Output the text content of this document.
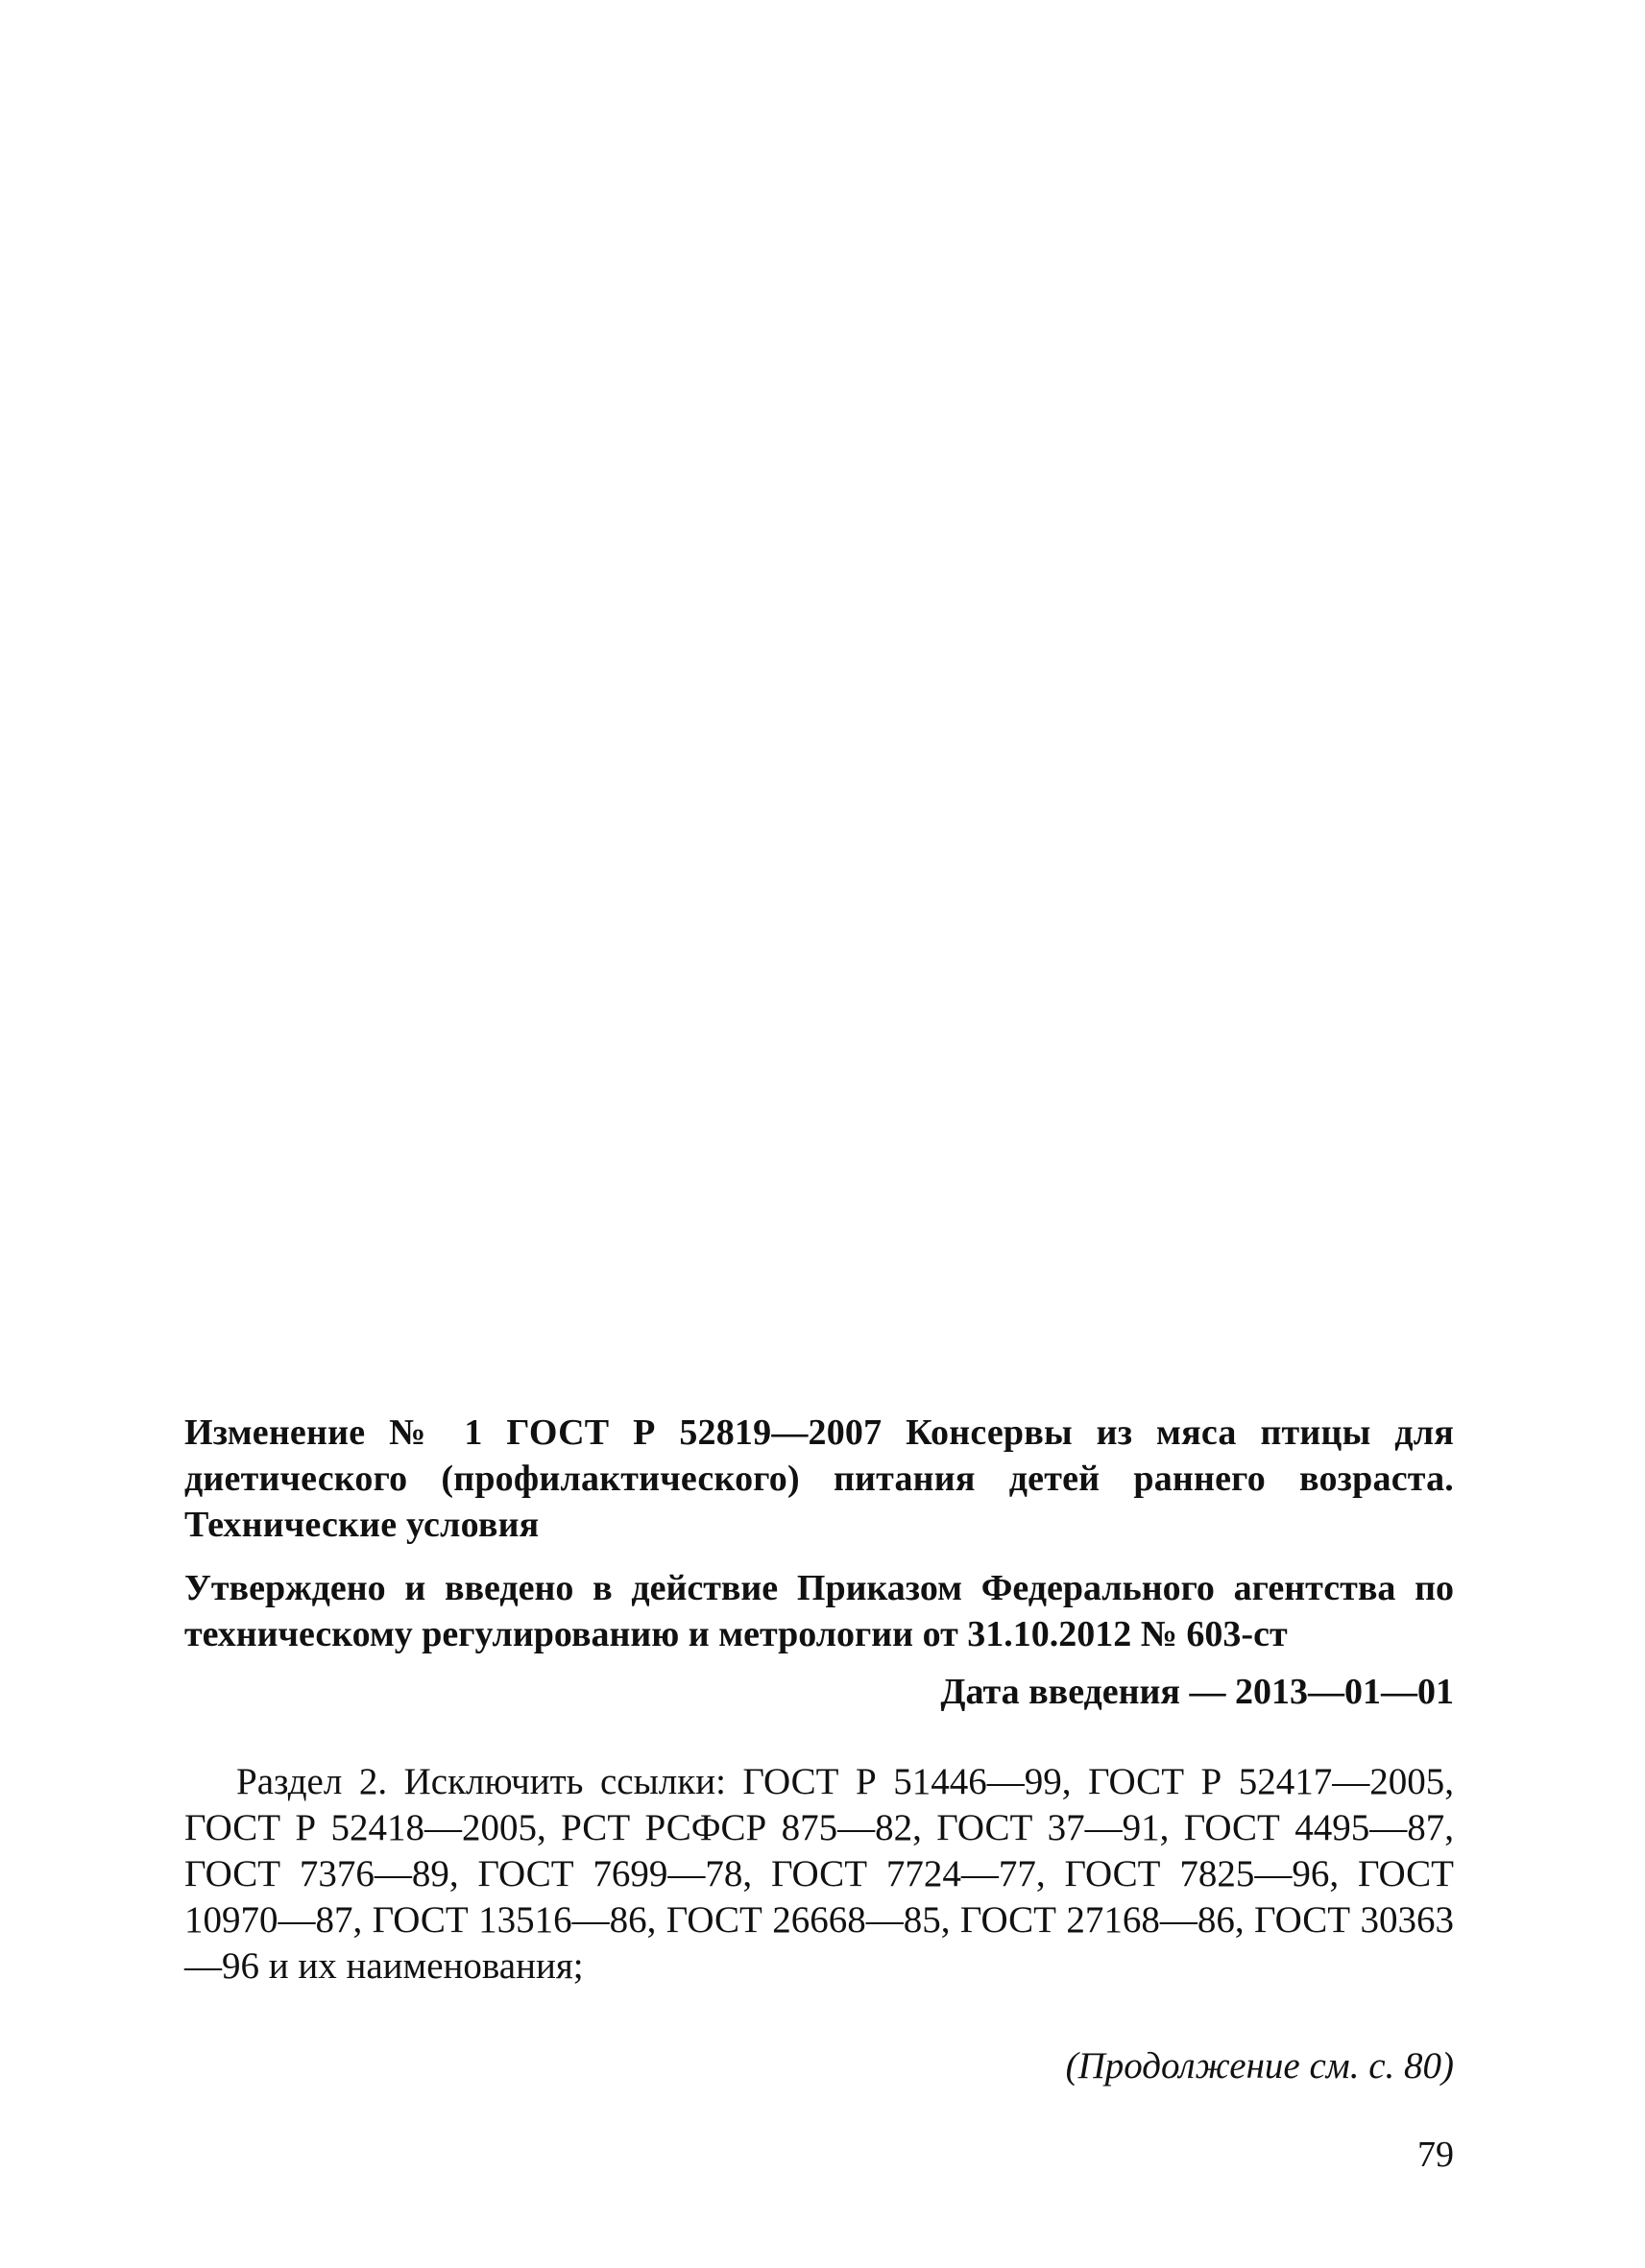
Изменение № 1 ГОСТ Р 52819—2007 Консервы из мяса птицы для диетического (профилактического) питания детей раннего возраста. Технические условия
Утверждено и введено в действие Приказом Федерального агентства по техническому регулированию и метрологии от 31.10.2012 № 603-ст
Дата введения — 2013—01—01
Раздел 2. Исключить ссылки: ГОСТ Р 51446—99, ГОСТ Р 52417—2005, ГОСТ Р 52418—2005, РСТ РСФСР 875—82, ГОСТ 37—91, ГОСТ 4495—87, ГОСТ 7376—89, ГОСТ 7699—78, ГОСТ 7724—77, ГОСТ 7825—96, ГОСТ 10970—87, ГОСТ 13516—86, ГОСТ 26668—85, ГОСТ 27168—86, ГОСТ 30363—96 и их наименования;
(Продолжение см. с. 80)
79
